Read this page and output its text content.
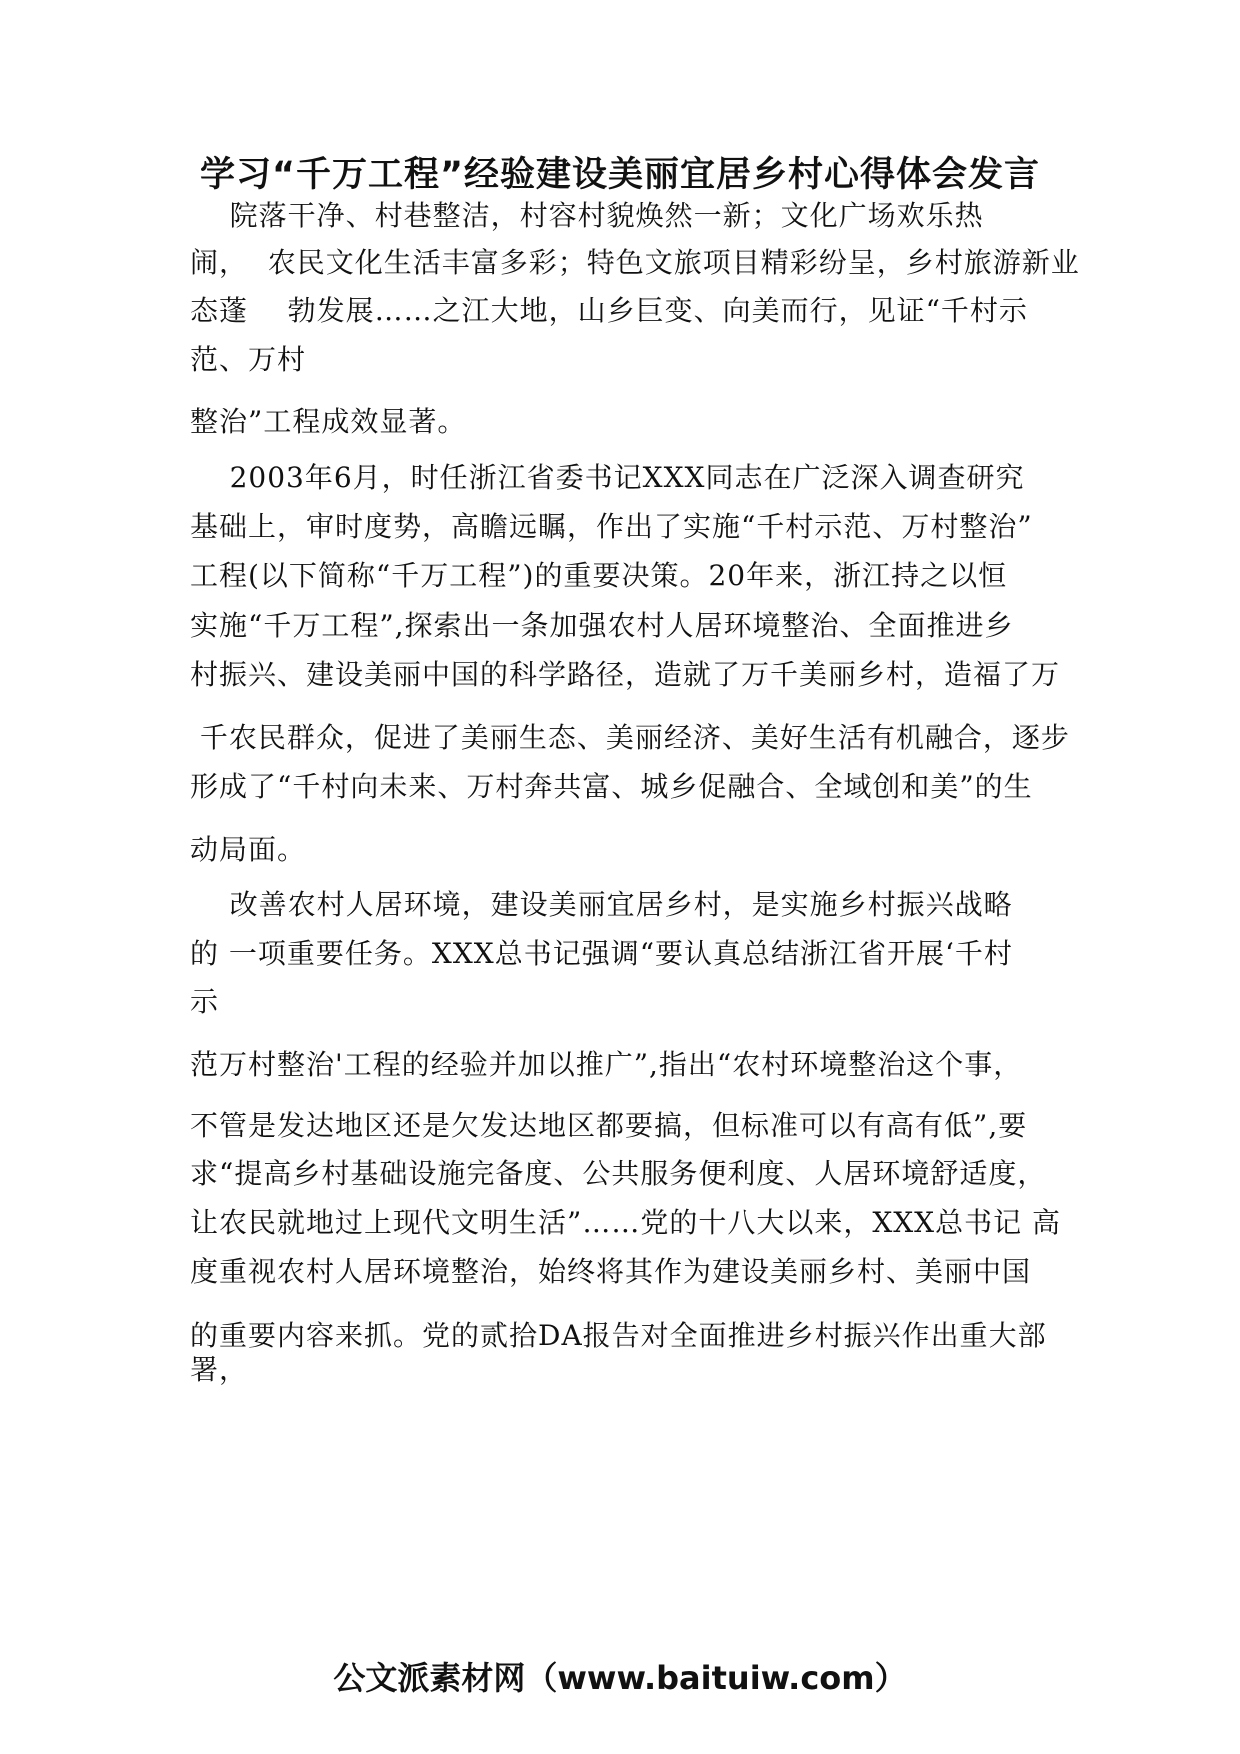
学习“千万工程”经验建设美丽宜居乡村心得体会发言
院落干净、村巷整洁，村容村貌焕然一新；文化广场欢乐热
闹，  农民文化生活丰富多彩；特色文旅项目精彩纷呈，乡村旅游新业
态蓬    勃发展……之江大地，山乡巨变、向美而行，见证“千村示
范、万村
整治”工程成效显著。
2003年6月，时任浙江省委书记XXX同志在广泛深入调查研究
基础上，审时度势，高瞻远瞩，作出了实施“千村示范、万村整治”
工程(以下简称“千万工程”)的重要决策。20年来，浙江持之以恒
实施“千万工程”,探索出一条加强农村人居环境整治、全面推进乡
村振兴、建设美丽中国的科学路径，造就了万千美丽乡村，造福了万
千农民群众，促进了美丽生态、美丽经济、美好生活有机融合，逐步
形成了“千村向未来、万村奔共富、城乡促融合、全域创和美”的生
动局面。
改善农村人居环境，建设美丽宜居乡村，是实施乡村振兴战略
的 一项重要任务。XXX总书记强调“要认真总结浙江省开展‘千村
示
范万村整治'工程的经验并加以推广”,指出“农村环境整治这个事，
不管是发达地区还是欠发达地区都要搞，但标准可以有高有低”,要
求“提高乡村基础设施完备度、公共服务便利度、人居环境舒适度，
让农民就地过上现代文明生活”……党的十八大以来，XXX总书记 高
度重视农村人居环境整治，始终将其作为建设美丽乡村、美丽中国
的重要内容来抓。党的贰拾DA报告对全面推进乡村振兴作出重大部
署，
公文派素材网（www.baituiw.com）
